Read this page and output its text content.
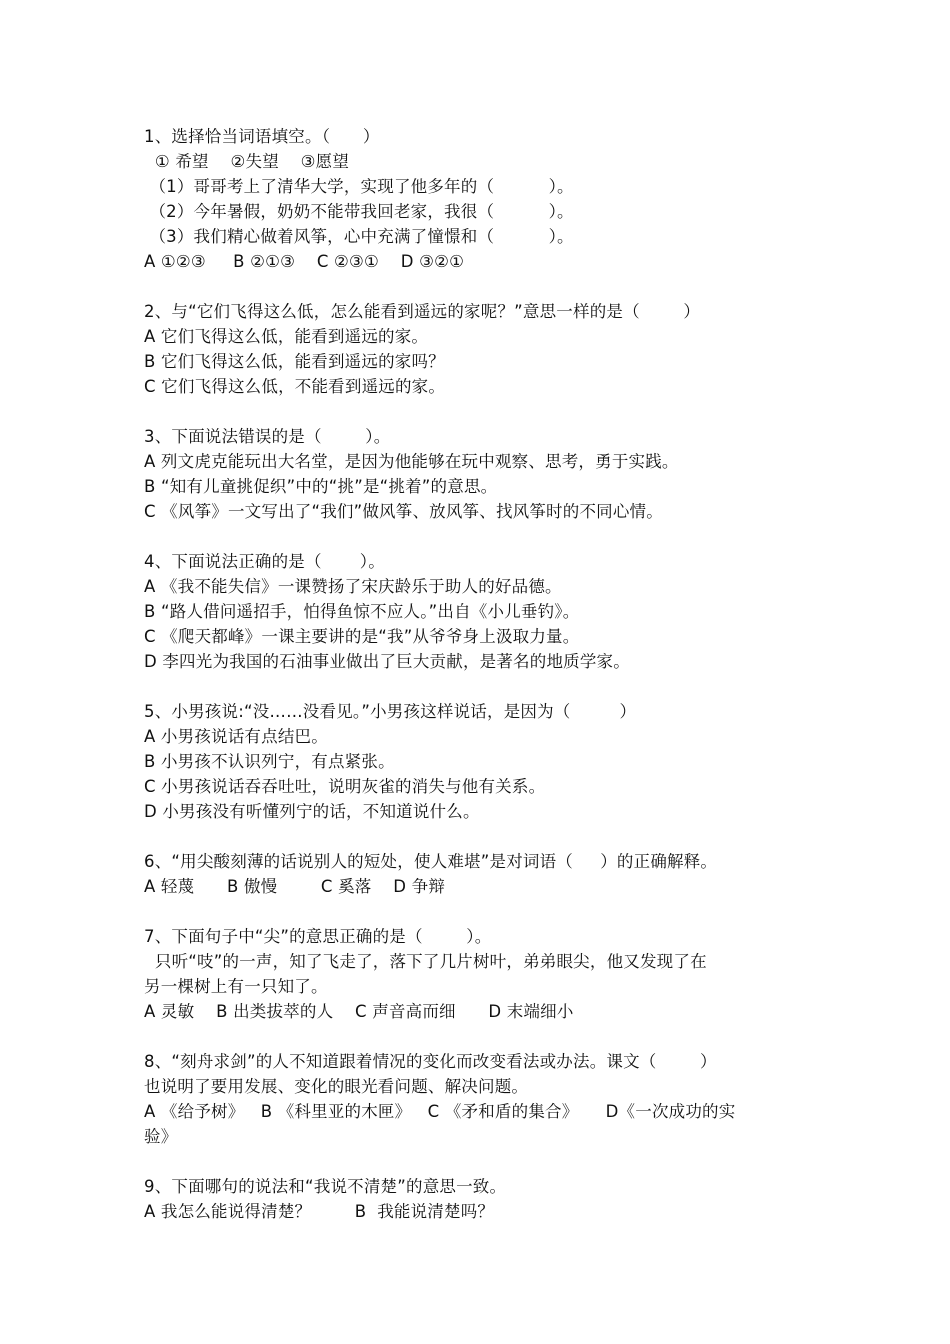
1、选择恰当词语填空。（      ）
① 希望    ②失望    ③愿望
（1）哥哥考上了清华大学，实现了他多年的（          ）。
（2）今年暑假，奶奶不能带我回老家，我很（          ）。
（3）我们精心做着风筝，心中充满了憧憬和（          ）。
A ①②③     B ②①③    C ②③①    D ③②①
2、与“它们飞得这么低，怎么能看到遥远的家呢？”意思一样的是（        ）
A 它们飞得这么低，能看到遥远的家。
B 它们飞得这么低，能看到遥远的家吗？
C 它们飞得这么低，不能看到遥远的家。
3、下面说法错误的是（        ）。
A 列文虎克能玩出大名堂，是因为他能够在玩中观察、思考，勇于实践。
B “知有儿童挑促织”中的“挑”是“挑着”的意思。
C 《风筝》一文写出了“我们”做风筝、放风筝、找风筝时的不同心情。
4、下面说法正确的是（       ）。
A 《我不能失信》一课赞扬了宋庆龄乐于助人的好品德。
B “路人借问遥招手，怕得鱼惊不应人。”出自《小儿垂钓》。
C 《爬天都峰》一课主要讲的是“我”从爷爷身上汲取力量。
D 李四光为我国的石油事业做出了巨大贡献，是著名的地质学家。
5、小男孩说:“没……没看见。”小男孩这样说话，是因为（         ）
A 小男孩说话有点结巴。
B 小男孩不认识列宁，有点紧张。
C 小男孩说话吞吞吐吐，说明灰雀的消失与他有关系。
D 小男孩没有听懂列宁的话，不知道说什么。
6、“用尖酸刻薄的话说别人的短处，使人难堪”是对词语（     ）的正确解释。
A 轻蔑      B 傲慢        C 奚落    D 争辩
7、下面句子中“尖”的意思正确的是（        ）。
只听“吱”的一声，知了飞走了，落下了几片树叶，弟弟眼尖，他又发现了在
另一棵树上有一只知了。
A 灵敏    B 出类拔萃的人    C 声音高而细      D 末端细小
8、“刻舟求剑”的人不知道跟着情况的变化而改变看法或办法。课文（        ）
也说明了要用发展、变化的眼光看问题、解决问题。
A 《给予树》   B 《科里亚的木匣》   C 《矛和盾的集合》     D《一次成功的实
验》
9、下面哪句的说法和“我说不清楚”的意思一致。
A 我怎么能说得清楚？        B  我能说清楚吗？
